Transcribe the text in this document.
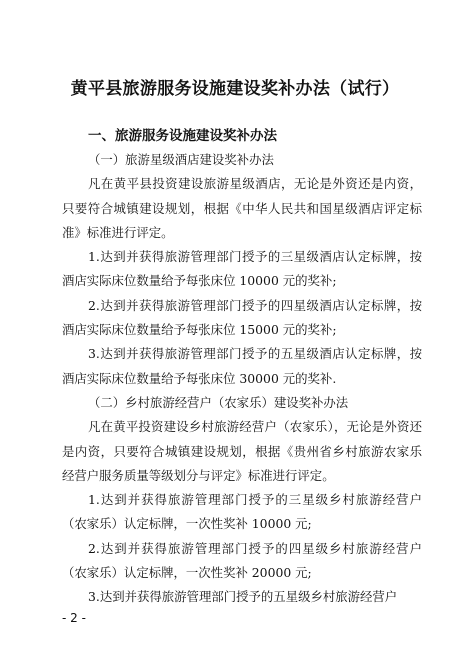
黄平县旅游服务设施建设奖补办法（试行）
一、旅游服务设施建设奖补办法
（一）旅游星级酒店建设奖补办法
凡在黄平县投资建设旅游星级酒店，无论是外资还是内资，
只要符合城镇建设规划，根据《中华人民共和国星级酒店评定标
准》标准进行评定。
1.达到并获得旅游管理部门授予的三星级酒店认定标牌，按
酒店实际床位数量给予每张床位 10000 元的奖补;
2.达到并获得旅游管理部门授予的四星级酒店认定标牌，按
酒店实际床位数量给予每张床位 15000 元的奖补;
3.达到并获得旅游管理部门授予的五星级酒店认定标牌，按
酒店实际床位数量给予每张床位 30000 元的奖补.
（二）乡村旅游经营户（农家乐）建设奖补办法
凡在黄平投资建设乡村旅游经营户（农家乐），无论是外资还
是内资，只要符合城镇建设规划，根据《贵州省乡村旅游农家乐
经营户服务质量等级划分与评定》标准进行评定。
1.达到并获得旅游管理部门授予的三星级乡村旅游经营户
（农家乐）认定标牌，一次性奖补 10000 元;
2.达到并获得旅游管理部门授予的四星级乡村旅游经营户
（农家乐）认定标牌，一次性奖补 20000 元;
3.达到并获得旅游管理部门授予的五星级乡村旅游经营户
- 2 -
